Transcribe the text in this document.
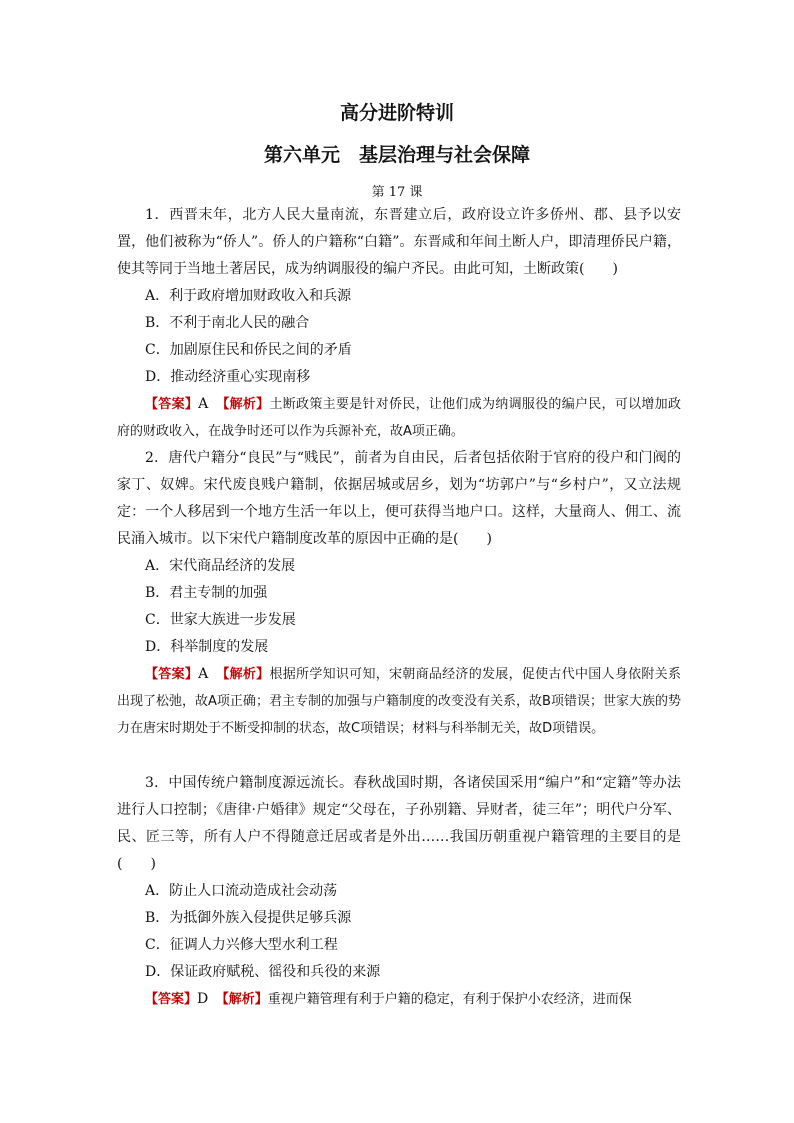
高分进阶特训
第六单元　基层治理与社会保障
第 17 课

1．西晋末年，北方人民大量南流，东晋建立后，政府设立许多侨州、郡、县予以安置，他们被称为“侨人”。侨人的户籍称“白籍”。东晋咸和年间土断人户，即清理侨民户籍，使其等同于当地土著居民，成为纳调服役的编户齐民。由此可知，土断政策(　　)

A．利于政府增加财政收入和兵源

B．不利于南北人民的融合

C．加剧原住民和侨民之间的矛盾

D．推动经济重心实现南移

【答案】A　【解析】土断政策主要是针对侨民，让他们成为纳调服役的编户民，可以增加政府的财政收入，在战争时还可以作为兵源补充，故A项正确。

2．唐代户籍分“良民”与“贱民”，前者为自由民，后者包括依附于官府的役户和门阀的家丁、奴婢。宋代废良贱户籍制，依据居城或居乡，划为“坊郭户”与“乡村户”，又立法规定：一个人移居到一个地方生活一年以上，便可获得当地户口。这样，大量商人、佣工、流民涌入城市。以下宋代户籍制度改革的原因中正确的是(　　)

A．宋代商品经济的发展

B．君主专制的加强

C．世家大族进一步发展

D．科举制度的发展

【答案】A　【解析】根据所学知识可知，宋朝商品经济的发展，促使古代中国人身依附关系出现了松弛，故A项正确；君主专制的加强与户籍制度的改变没有关系，故B项错误；世家大族的势力在唐宋时期处于不断受抑制的状态，故C项错误；材料与科举制无关，故D项错误。

3．中国传统户籍制度源远流长。春秋战国时期，各诸侯国采用“编户”和“定籍”等办法进行人口控制；《唐律·户婚律》规定“父母在，子孙别籍、异财者，徒三年”；明代户分军、民、匠三等，所有人户不得随意迁居或者是外出……我国历朝重视户籍管理的主要目的是(　　)

A．防止人口流动造成社会动荡

B．为抵御外族入侵提供足够兵源

C．征调人力兴修大型水利工程

D．保证政府赋税、徭役和兵役的来源

【答案】D　【解析】重视户籍管理有利于户籍的稳定，有利于保护小农经济，进而保
